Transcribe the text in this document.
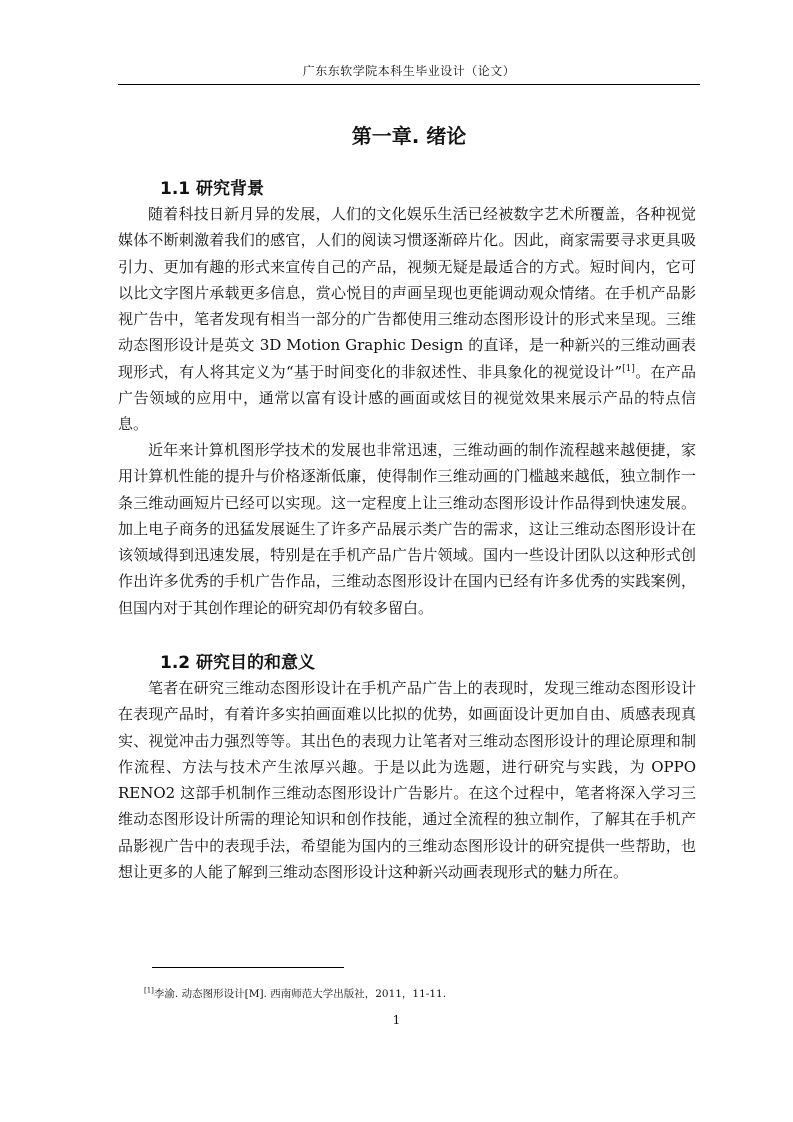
广东东软学院本科生毕业设计（论文）
第一章. 绪论
1.1 研究背景

随着科技日新月异的发展，人们的文化娱乐生活已经被数字艺术所覆盖，各种视觉媒体不断刺激着我们的感官，人们的阅读习惯逐渐碎片化。因此，商家需要寻求更具吸引力、更加有趣的形式来宣传自己的产品，视频无疑是最适合的方式。短时间内，它可以比文字图片承载更多信息，赏心悦目的声画呈现也更能调动观众情绪。在手机产品影视广告中，笔者发现有相当一部分的广告都使用三维动态图形设计的形式来呈现。三维动态图形设计是英文 3D Motion Graphic Design 的直译，是一种新兴的三维动画表现形式，有人将其定义为“基于时间变化的非叙述性、非具象化的视觉设计”[1]。在产品广告领域的应用中，通常以富有设计感的画面或炫目的视觉效果来展示产品的特点信息。

近年来计算机图形学技术的发展也非常迅速，三维动画的制作流程越来越便捷，家用计算机性能的提升与价格逐渐低廉，使得制作三维动画的门槛越来越低，独立制作一条三维动画短片已经可以实现。这一定程度上让三维动态图形设计作品得到快速发展。加上电子商务的迅猛发展诞生了许多产品展示类广告的需求，这让三维动态图形设计在该领域得到迅速发展，特别是在手机产品广告片领域。国内一些设计团队以这种形式创作出许多优秀的手机广告作品，三维动态图形设计在国内已经有许多优秀的实践案例，但国内对于其创作理论的研究却仍有较多留白。

1.2 研究目的和意义

笔者在研究三维动态图形设计在手机产品广告上的表现时，发现三维动态图形设计在表现产品时，有着许多实拍画面难以比拟的优势，如画面设计更加自由、质感表现真实、视觉冲击力强烈等等。其出色的表现力让笔者对三维动态图形设计的理论原理和制作流程、方法与技术产生浓厚兴趣。于是以此为选题，进行研究与实践，为 OPPO RENO2 这部手机制作三维动态图形设计广告影片。在这个过程中，笔者将深入学习三维动态图形设计所需的理论知识和创作技能，通过全流程的独立制作，了解其在手机产品影视广告中的表现手法，希望能为国内的三维动态图形设计的研究提供一些帮助，也想让更多的人能了解到三维动态图形设计这种新兴动画表现形式的魅力所在。

[1]李渝. 动态图形设计[M]. 西南师范大学出版社，2011，11-11.
1
